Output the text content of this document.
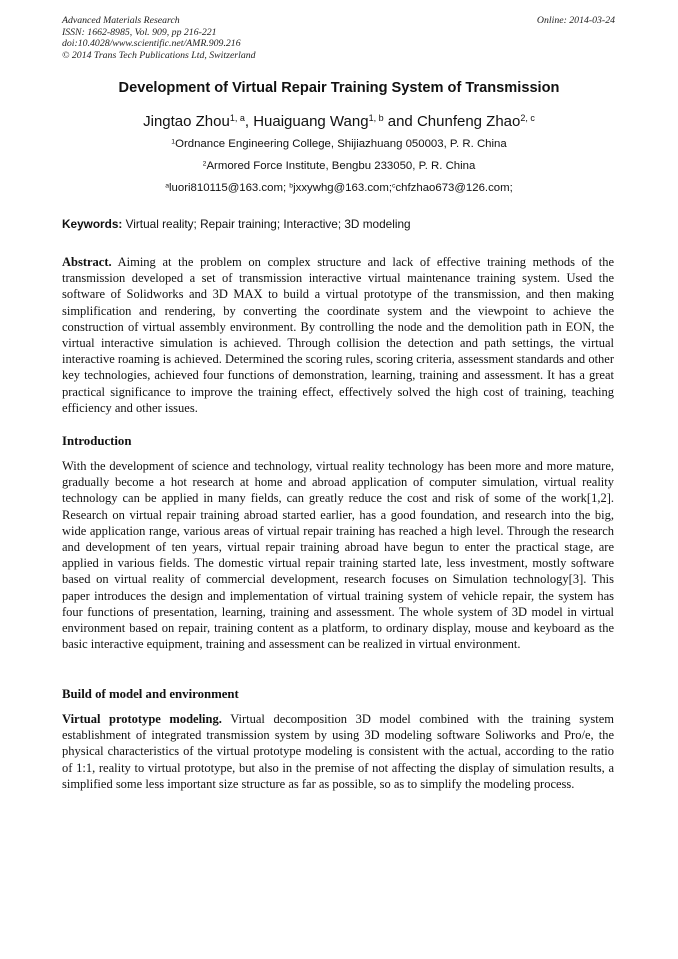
Advanced Materials Research
ISSN: 1662-8985, Vol. 909, pp 216-221
doi:10.4028/www.scientific.net/AMR.909.216
© 2014 Trans Tech Publications Ltd, Switzerland
Online: 2014-03-24
Development of Virtual Repair Training System of Transmission
Jingtao Zhou$^{1, a}$, Huaiguang Wang$^{1, b}$ and Chunfeng Zhao$^{2, c}$
$^1$Ordnance Engineering College, Shijiazhuang 050003, P. R. China
$^2$Armored Force Institute, Bengbu 233050, P. R. China
$^a$luori810115@163.com; $^b$jxxywhg@163.com;$^c$chfzhao673@126.com;
Keywords: Virtual reality; Repair training; Interactive; 3D modeling

Abstract. Aiming at the problem on complex structure and lack of effective training methods of the transmission developed a set of transmission interactive virtual maintenance training system. Used the software of Solidworks and 3D MAX to build a virtual prototype of the transmission, and then making simplification and rendering, by converting the coordinate system and the viewpoint to achieve the construction of virtual assembly environment. By controlling the node and the demolition path in EON, the virtual interactive simulation is achieved. Through collision the detection and path settings, the virtual interactive roaming is achieved. Determined the scoring rules, scoring criteria, assessment standards and other key technologies, achieved four functions of demonstration, learning, training and assessment. It has a great practical significance to improve the training effect, effectively solved the high cost of training, teaching efficiency and other issues.

Introduction

With the development of science and technology, virtual reality technology has been more and more mature, gradually become a hot research at home and abroad application of computer simulation, virtual reality technology can be applied in many fields, can greatly reduce the cost and risk of some of the work[1,2]. Research on virtual repair training abroad started earlier, has a good foundation, and research into the big, wide application range, various areas of virtual repair training has reached a high level. Through the research and development of ten years, virtual repair training abroad have begun to enter the practical stage, are applied in various fields. The domestic virtual repair training started late, less investment, mostly software based on virtual reality of commercial development, research focuses on Simulation technology[3]. This paper introduces the design and implementation of virtual training system of vehicle repair, the system has four functions of presentation, learning, training and assessment. The whole system of 3D model in virtual environment based on repair, training content as a platform, to ordinary display, mouse and keyboard as the basic interactive equipment, training and assessment can be realized in virtual environment.

Build of model and environment

Virtual prototype modeling. Virtual decomposition 3D model combined with the training system establishment of integrated transmission system by using 3D modeling software Soliworks and Pro/e, the physical characteristics of the virtual prototype modeling is consistent with the actual, according to the ratio of 1:1, reality to virtual prototype, but also in the premise of not affecting the display of simulation results, a simplified some less important size structure as far as possible, so as to simplify the modeling process.
